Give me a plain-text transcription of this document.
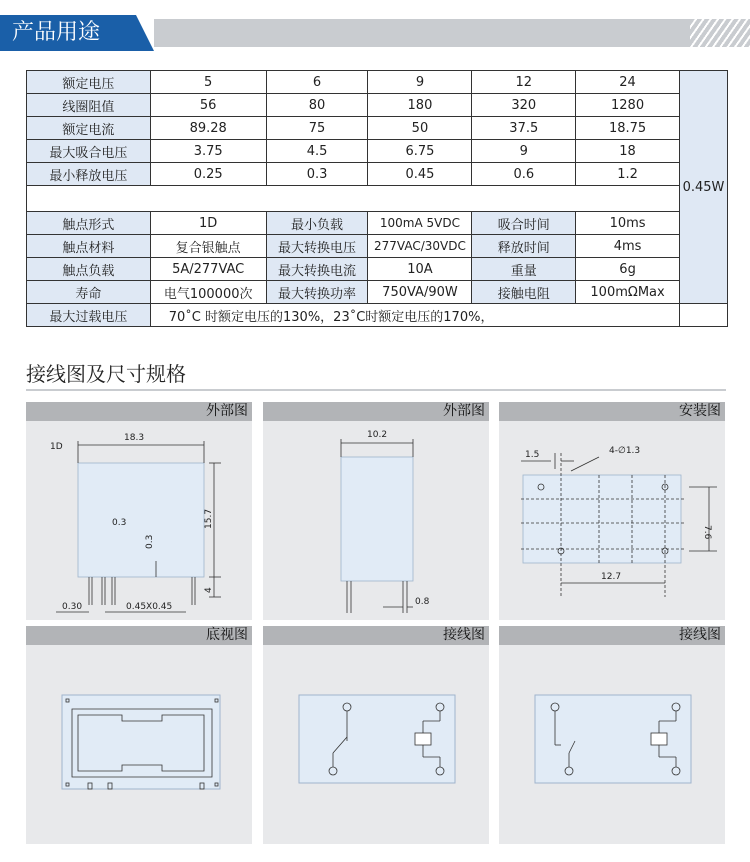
产品用途
额定电压	5	6	9	12	24	0.45W
线圈阻值	56	80	180	320	1280	
额定电流	89.28	75	50	37.5	18.75	
最大吸合电压	3.75	4.5	6.75	9	18	
最小释放电压	0.25	0.3	0.45	0.6	1.2	

触点形式	1D	最小负载	100mA 5VDC	吸合时间	10ms	
触点材料	复合银触点	最大转换电压	277VAC/30VDC	释放时间	4ms	
触点负载	5A/277VAC	最大转换电流	10A	重量	6g	
寿命	电气100000次	最大转换功率	750VA/90W	接触电阻	100mΩMax	
最大过载电压	70˚C 时额定电压的130%，23˚C时额定电压的170%，					
接线图及尺寸规格
外部图
1D
18.3
0.3
0.3
15.7
4
0.30	0.45X0.45
外部图
10.2
0.8
安装图
1.5	4-∅1.3
7.6
12.7
底视图	接线图	接线图
